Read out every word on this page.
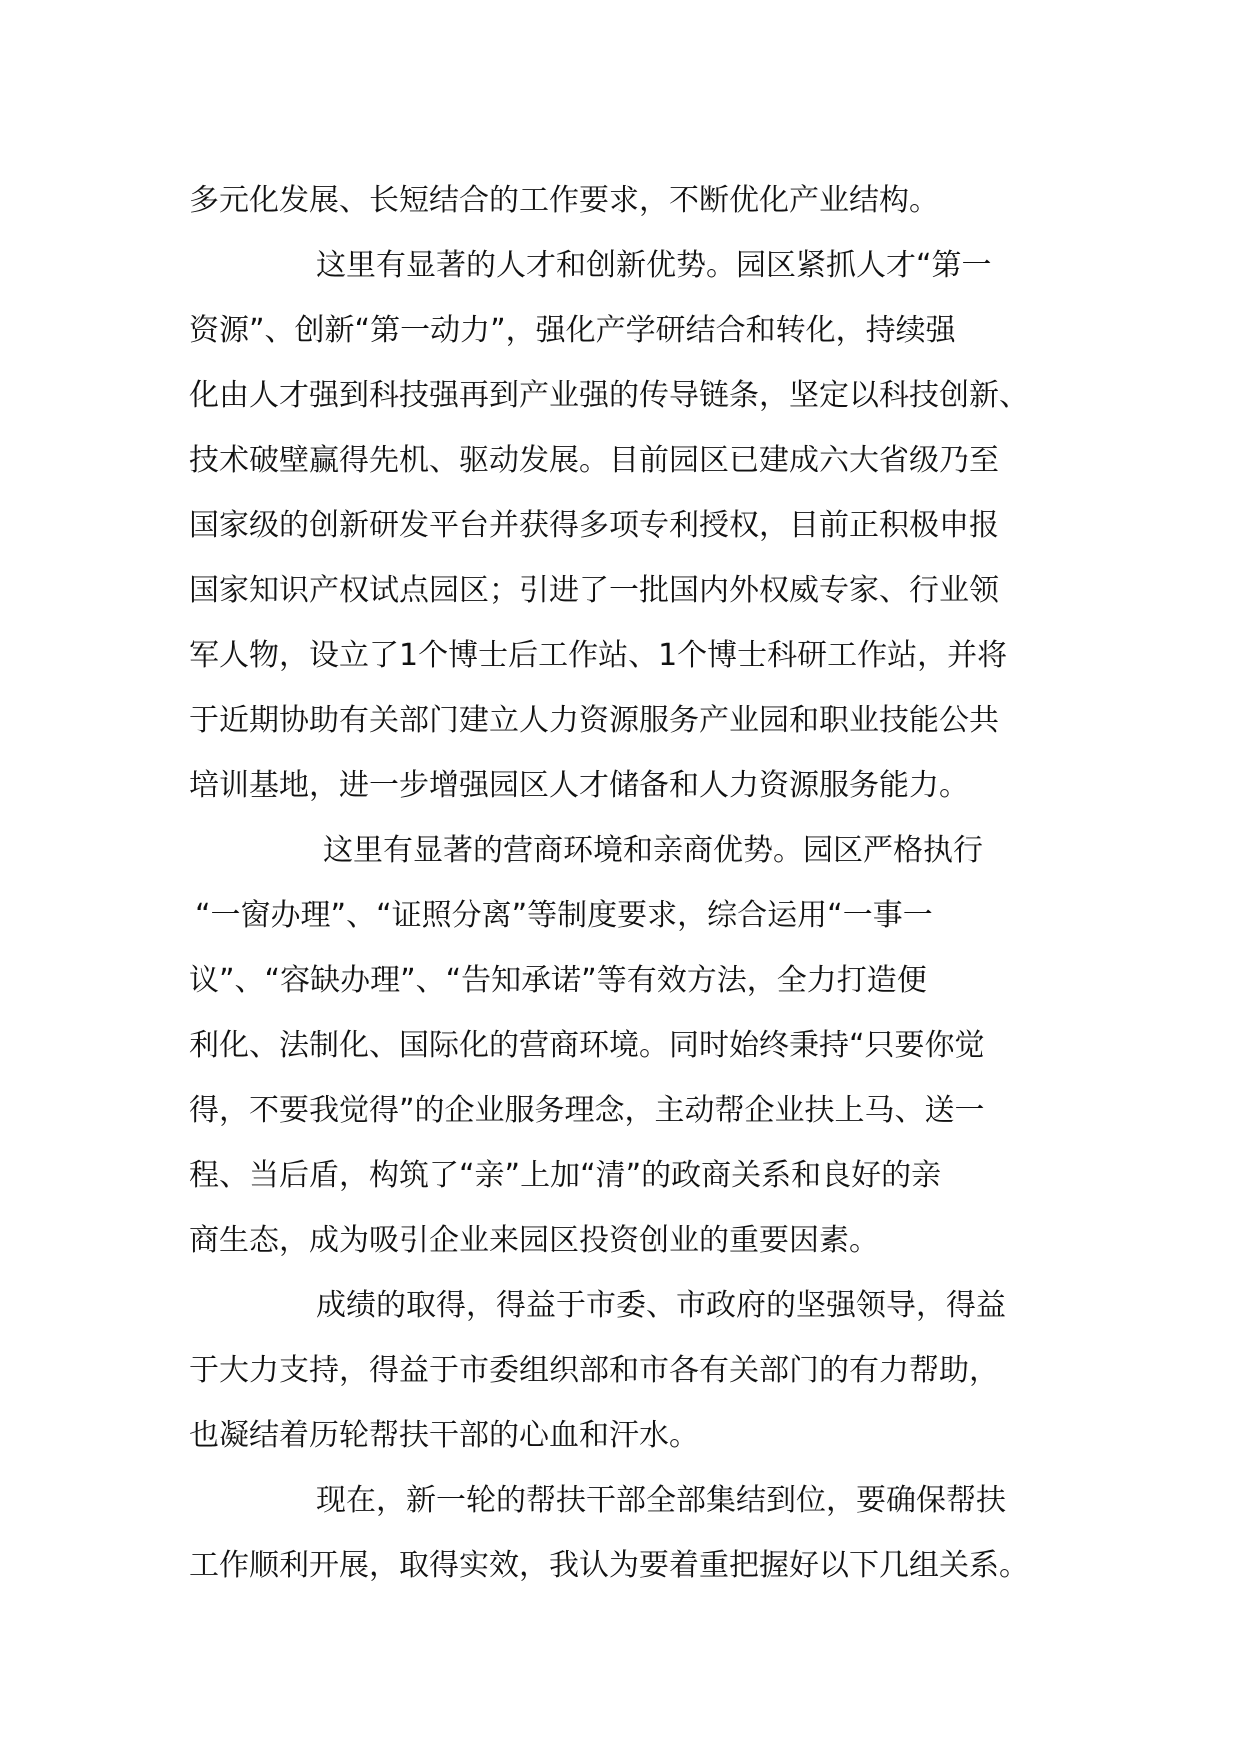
多元化发展、长短结合的工作要求，不断优化产业结构。
这里有显著的人才和创新优势。园区紧抓人才“第一
资源”、创新“第一动力”，强化产学研结合和转化，持续强
化由人才强到科技强再到产业强的传导链条，坚定以科技创新、
技术破壁赢得先机、驱动发展。目前园区已建成六大省级乃至
国家级的创新研发平台并获得多项专利授权，目前正积极申报
国家知识产权试点园区；引进了一批国内外权威专家、行业领
军人物，设立了1个博士后工作站、1个博士科研工作站，并将
于近期协助有关部门建立人力资源服务产业园和职业技能公共
培训基地，进一步增强园区人才储备和人力资源服务能力。
这里有显著的营商环境和亲商优势。园区严格执行
“一窗办理”、“证照分离”等制度要求，综合运用“一事一
议”、“容缺办理”、“告知承诺”等有效方法，全力打造便
利化、法制化、国际化的营商环境。同时始终秉持“只要你觉
得，不要我觉得”的企业服务理念，主动帮企业扶上马、送一
程、当后盾，构筑了“亲”上加“清”的政商关系和良好的亲
商生态，成为吸引企业来园区投资创业的重要因素。
成绩的取得，得益于市委、市政府的坚强领导，得益
于大力支持，得益于市委组织部和市各有关部门的有力帮助，
也凝结着历轮帮扶干部的心血和汗水。
现在，新一轮的帮扶干部全部集结到位，要确保帮扶
工作顺利开展，取得实效，我认为要着重把握好以下几组关系。
